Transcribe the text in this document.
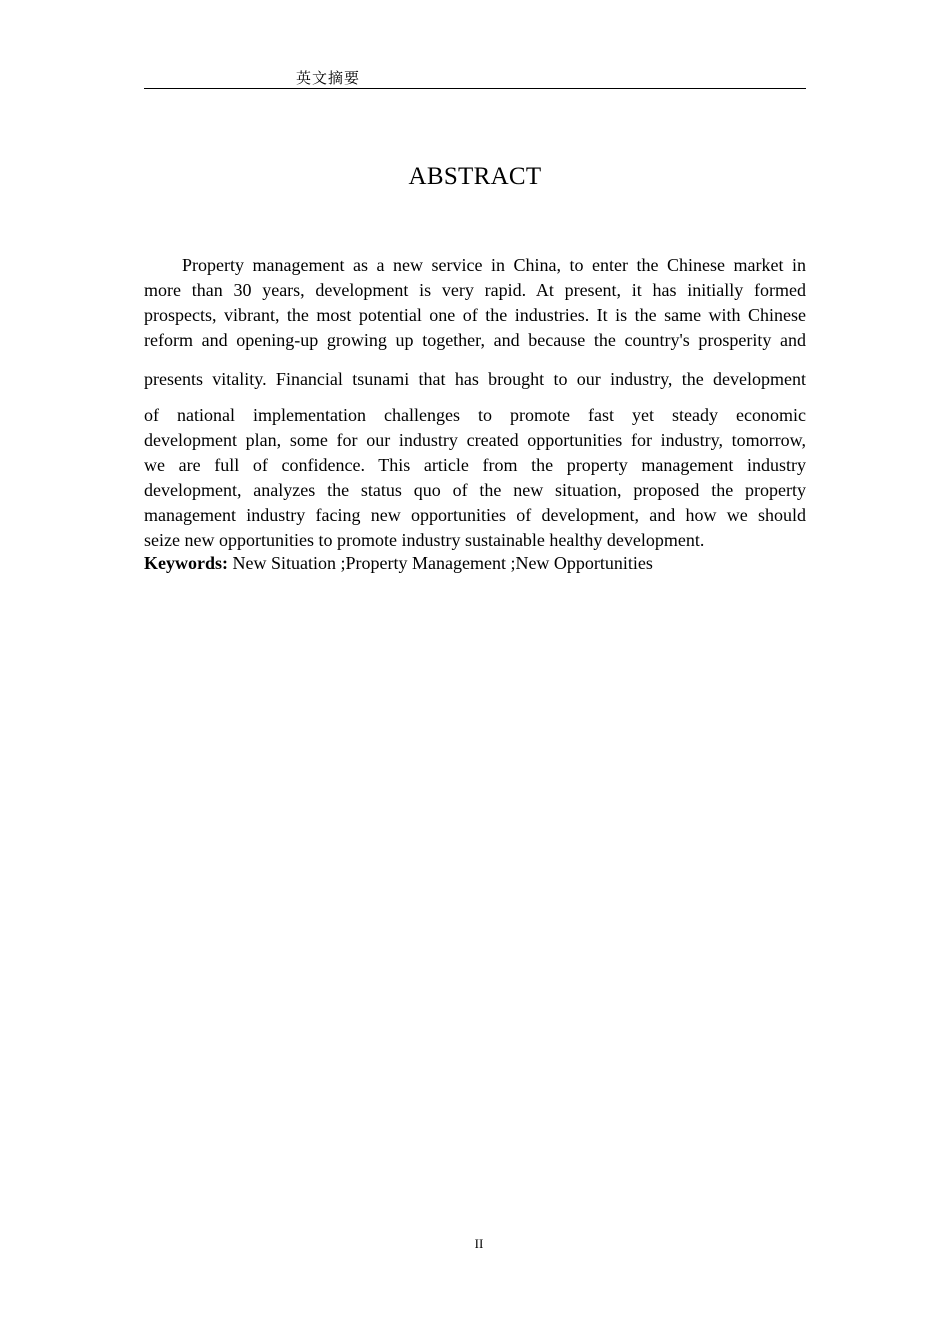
英文摘要
ABSTRACT
Property management as a new service in China, to enter the Chinese market in
more than 30 years, development is very rapid. At present, it has initially formed
prospects, vibrant, the most potential one of the industries. It is the same with Chinese
reform and opening-up growing up together, and because the country's prosperity and
presents vitality. Financial tsunami that has brought to our industry, the development
of national implementation challenges to promote fast yet steady economic
development plan, some for our industry created opportunities for industry, tomorrow,
we are full of confidence. This article from the property management industry
development, analyzes the status quo of the new situation, proposed the property
management industry facing new opportunities of development, and how we should
seize new opportunities to promote industry sustainable healthy development.
Keywords: New Situation ;Property Management ;New Opportunities
II
